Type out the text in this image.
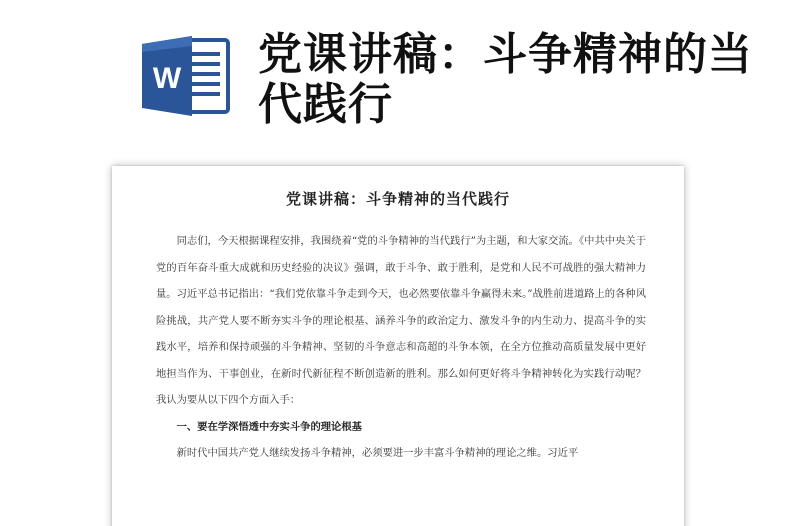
W 党课讲稿：斗争精神的当代践行
党课讲稿：斗争精神的当代践行

同志们，今天根据课程安排，我围绕着“党的斗争精神的当代践行”为主题，和大家交流。《中共中央关于党的百年奋斗重大成就和历史经验的决议》强调，敢于斗争、敢于胜利，是党和人民不可战胜的强大精神力量。习近平总书记指出：“我们党依靠斗争走到今天，也必然要依靠斗争赢得未来。”战胜前进道路上的各种风险挑战，共产党人要不断夯实斗争的理论根基、涵养斗争的政治定力、激发斗争的内生动力、提高斗争的实践水平，培养和保持顽强的斗争精神、坚韧的斗争意志和高超的斗争本领，在全方位推动高质量发展中更好地担当作为、干事创业，在新时代新征程不断创造新的胜利。那么如何更好将斗争精神转化为实践行动呢？我认为要从以下四个方面入手：

一、要在学深悟透中夯实斗争的理论根基

新时代中国共产党人继续发扬斗争精神，必须要进一步丰富斗争精神的理论之维。习近平
